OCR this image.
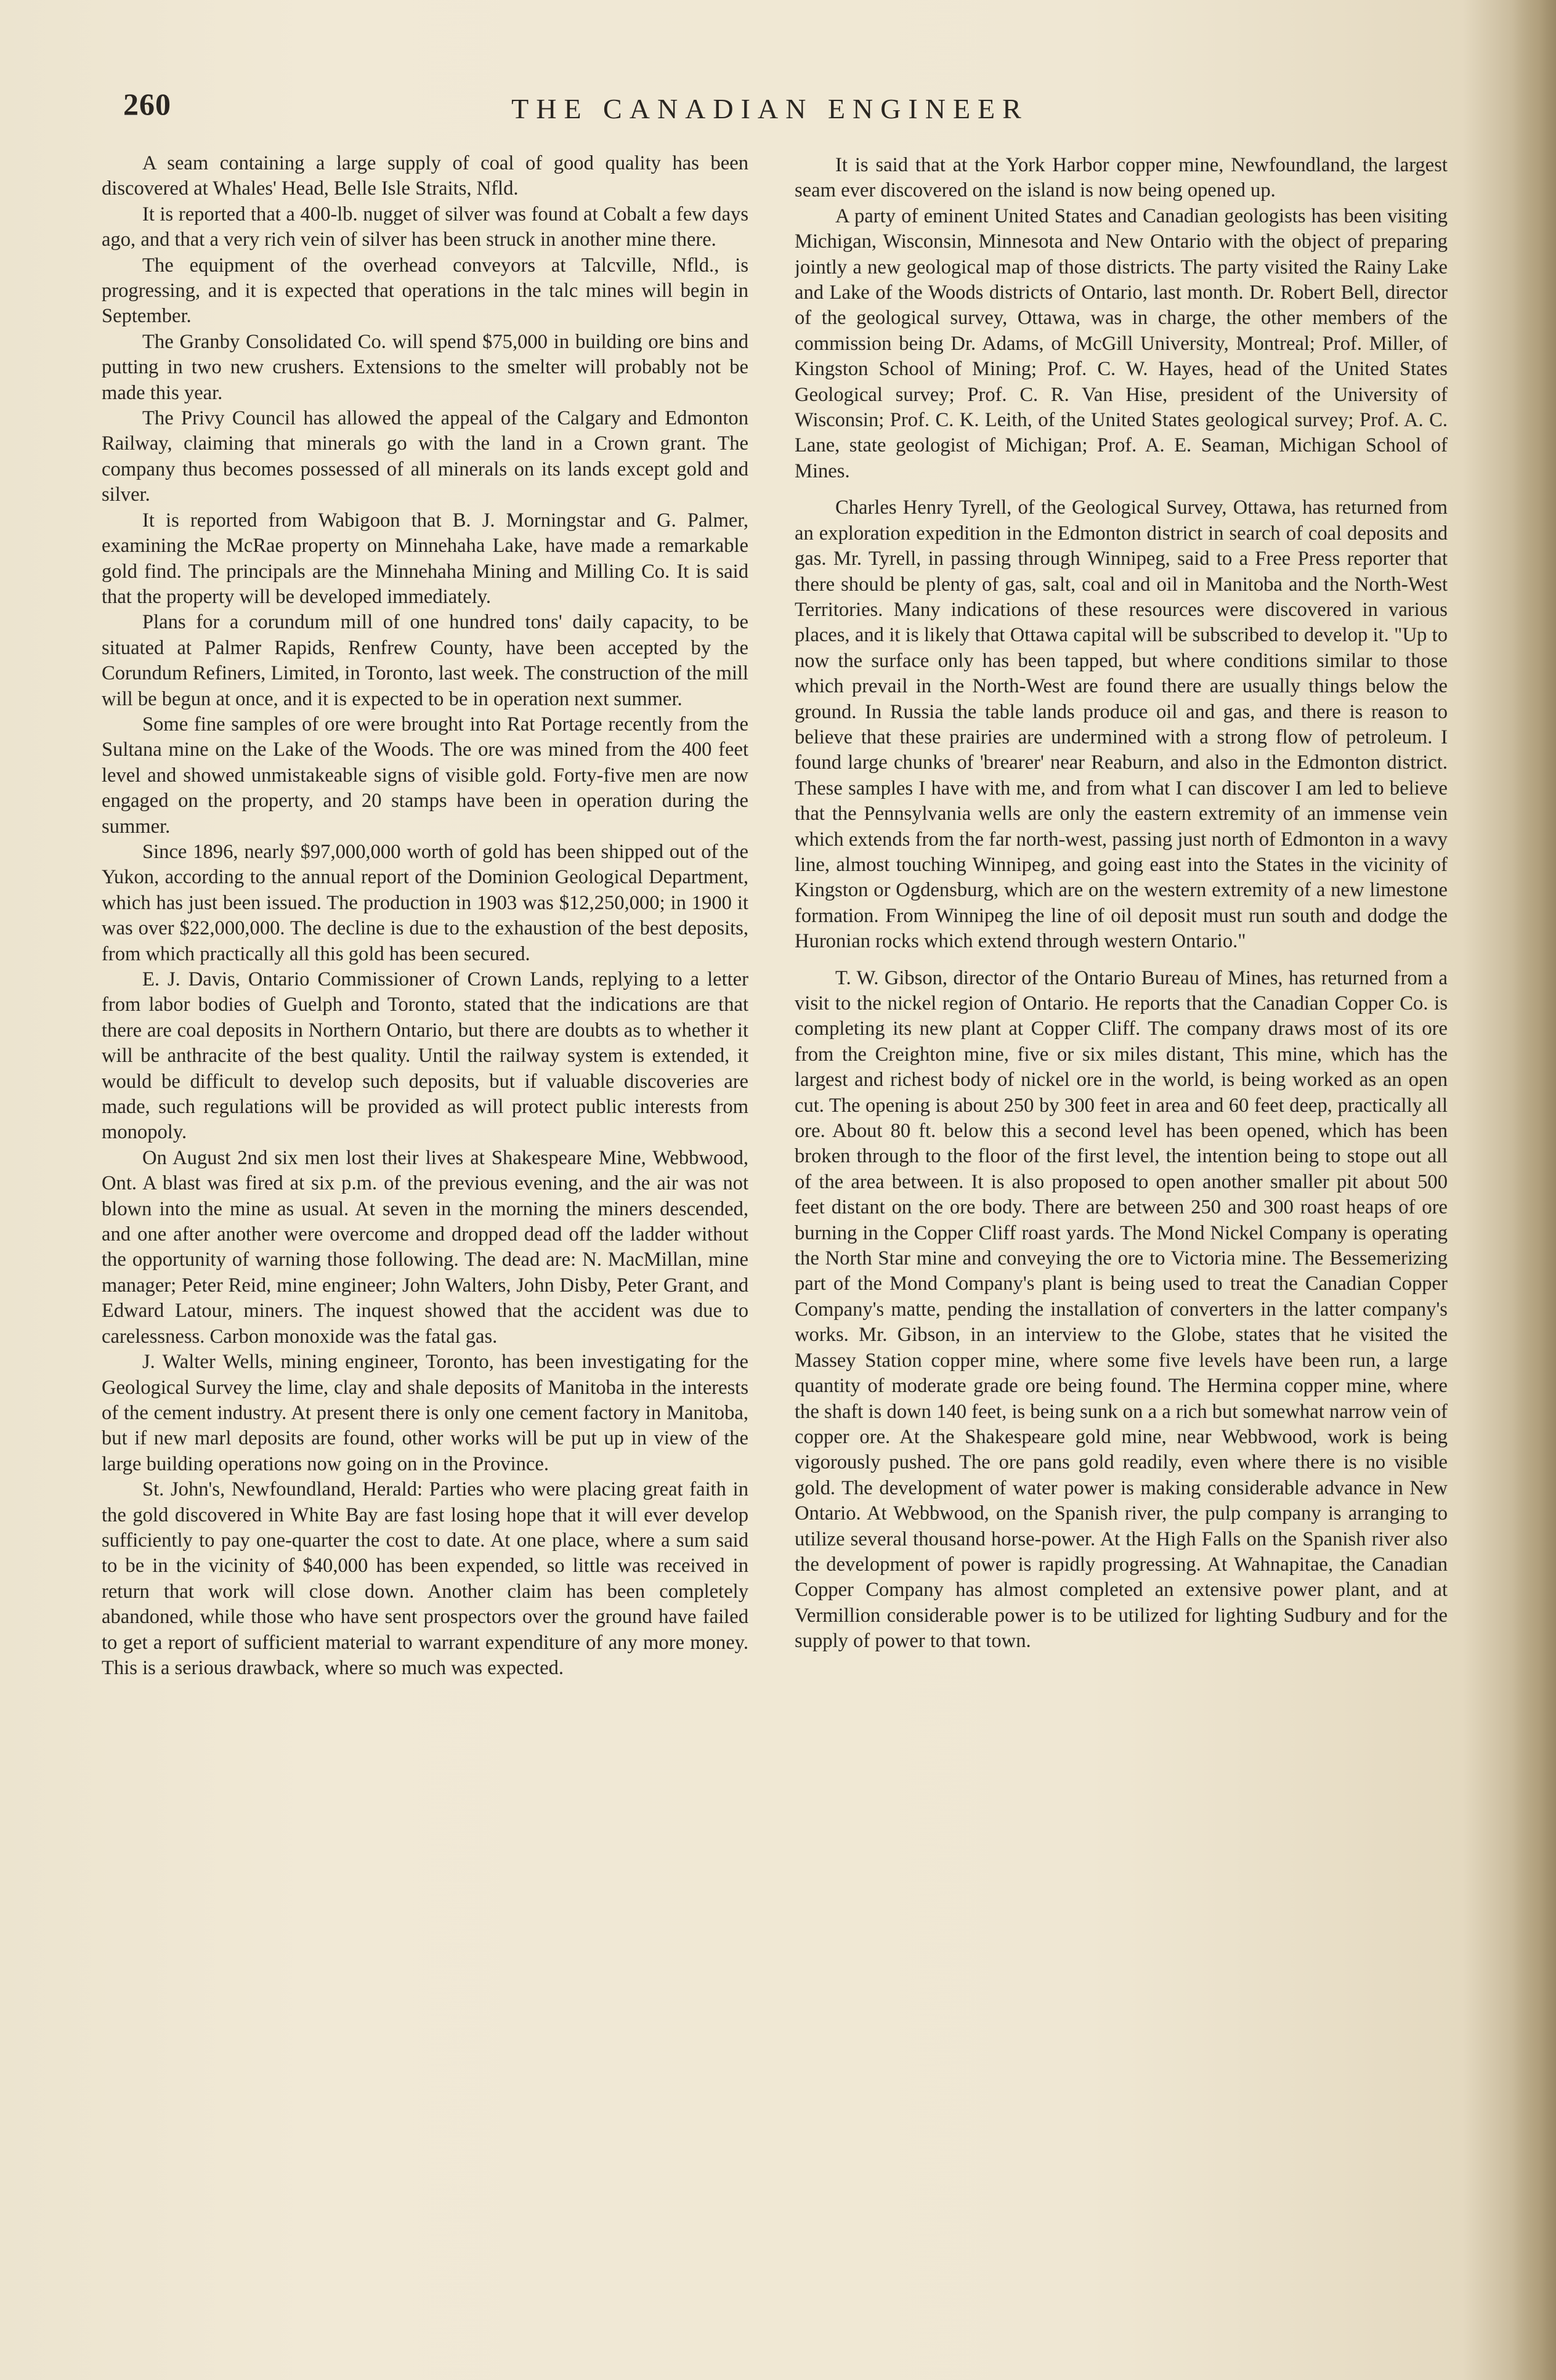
260	THE CANADIAN ENGINEER

A seam containing a large supply of coal of good quality has been discovered at Whales' Head, Belle Isle Straits, Nfld.

It is reported that a 400-lb. nugget of silver was found at Cobalt a few days ago, and that a very rich vein of silver has been struck in another mine there.

The equipment of the overhead conveyors at Talcville, Nfld., is progressing, and it is expected that operations in the talc mines will begin in September.

The Granby Consolidated Co. will spend $75,000 in building ore bins and putting in two new crushers. Extensions to the smelter will probably not be made this year.

The Privy Council has allowed the appeal of the Calgary and Edmonton Railway, claiming that minerals go with the land in a Crown grant. The company thus becomes possessed of all minerals on its lands except gold and silver.

It is reported from Wabigoon that B. J. Morningstar and G. Palmer, examining the McRae property on Minnehaha Lake, have made a remarkable gold find. The principals are the Minnehaha Mining and Milling Co. It is said that the property will be developed immediately.

Plans for a corundum mill of one hundred tons' daily capacity, to be situated at Palmer Rapids, Renfrew County, have been accepted by the Corundum Refiners, Limited, in Toronto, last week. The construction of the mill will be begun at once, and it is expected to be in operation next summer.

Some fine samples of ore were brought into Rat Portage recently from the Sultana mine on the Lake of the Woods. The ore was mined from the 400 feet level and showed unmistakeable signs of visible gold. Forty-five men are now engaged on the property, and 20 stamps have been in operation during the summer.

Since 1896, nearly $97,000,000 worth of gold has been shipped out of the Yukon, according to the annual report of the Dominion Geological Department, which has just been issued. The production in 1903 was $12,250,000; in 1900 it was over $22,000,000. The decline is due to the exhaustion of the best deposits, from which practically all this gold has been secured.

E. J. Davis, Ontario Commissioner of Crown Lands, replying to a letter from labor bodies of Guelph and Toronto, stated that the indications are that there are coal deposits in Northern Ontario, but there are doubts as to whether it will be anthracite of the best quality. Until the railway system is extended, it would be difficult to develop such deposits, but if valuable discoveries are made, such regulations will be provided as will protect public interests from monopoly.

On August 2nd six men lost their lives at Shakespeare Mine, Webbwood, Ont. A blast was fired at six p.m. of the previous evening, and the air was not blown into the mine as usual. At seven in the morning the miners descended, and one after another were overcome and dropped dead off the ladder without the opportunity of warning those following. The dead are: N. MacMillan, mine manager; Peter Reid, mine engineer; John Walters, John Disby, Peter Grant, and Edward Latour, miners. The inquest showed that the accident was due to carelessness. Carbon monoxide was the fatal gas.

J. Walter Wells, mining engineer, Toronto, has been investigating for the Geological Survey the lime, clay and shale deposits of Manitoba in the interests of the cement industry. At present there is only one cement factory in Manitoba, but if new marl deposits are found, other works will be put up in view of the large building operations now going on in the Province.

St. John's, Newfoundland, Herald: Parties who were placing great faith in the gold discovered in White Bay are fast losing hope that it will ever develop sufficiently to pay one-quarter the cost to date. At one place, where a sum said to be in the vicinity of $40,000 has been expended, so little was received in return that work will close down. Another claim has been completely abandoned, while those who have sent prospectors over the ground have failed to get a report of sufficient material to warrant expenditure of any more money. This is a serious drawback, where so much was expected.

It is said that at the York Harbor copper mine, Newfoundland, the largest seam ever discovered on the island is now being opened up.

A party of eminent United States and Canadian geologists has been visiting Michigan, Wisconsin, Minnesota and New Ontario with the object of preparing jointly a new geological map of those districts. The party visited the Rainy Lake and Lake of the Woods districts of Ontario, last month. Dr. Robert Bell, director of the geological survey, Ottawa, was in charge, the other members of the commission being Dr. Adams, of McGill University, Montreal; Prof. Miller, of Kingston School of Mining; Prof. C. W. Hayes, head of the United States Geological survey; Prof. C. R. Van Hise, president of the University of Wisconsin; Prof. C. K. Leith, of the United States geological survey; Prof. A. C. Lane, state geologist of Michigan; Prof. A. E. Seaman, Michigan School of Mines.

Charles Henry Tyrell, of the Geological Survey, Ottawa, has returned from an exploration expedition in the Edmonton district in search of coal deposits and gas. Mr. Tyrell, in passing through Winnipeg, said to a Free Press reporter that there should be plenty of gas, salt, coal and oil in Manitoba and the North-West Territories. Many indications of these resources were discovered in various places, and it is likely that Ottawa capital will be subscribed to develop it. "Up to now the surface only has been tapped, but where conditions similar to those which prevail in the North-West are found there are usually things below the ground. In Russia the table lands produce oil and gas, and there is reason to believe that these prairies are undermined with a strong flow of petroleum. I found large chunks of 'brearer' near Reaburn, and also in the Edmonton district. These samples I have with me, and from what I can discover I am led to believe that the Pennsylvania wells are only the eastern extremity of an immense vein which extends from the far north-west, passing just north of Edmonton in a wavy line, almost touching Winnipeg, and going east into the States in the vicinity of Kingston or Ogdensburg, which are on the western extremity of a new limestone formation. From Winnipeg the line of oil deposit must run south and dodge the Huronian rocks which extend through western Ontario."

T. W. Gibson, director of the Ontario Bureau of Mines, has returned from a visit to the nickel region of Ontario. He reports that the Canadian Copper Co. is completing its new plant at Copper Cliff. The company draws most of its ore from the Creighton mine, five or six miles distant, This mine, which has the largest and richest body of nickel ore in the world, is being worked as an open cut. The opening is about 250 by 300 feet in area and 60 feet deep, practically all ore. About 80 ft. below this a second level has been opened, which has been broken through to the floor of the first level, the intention being to stope out all of the area between. It is also proposed to open another smaller pit about 500 feet distant on the ore body. There are between 250 and 300 roast heaps of ore burning in the Copper Cliff roast yards. The Mond Nickel Company is operating the North Star mine and conveying the ore to Victoria mine. The Bessemerizing part of the Mond Company's plant is being used to treat the Canadian Copper Company's matte, pending the installation of converters in the latter company's works. Mr. Gibson, in an interview to the Globe, states that he visited the Massey Station copper mine, where some five levels have been run, a large quantity of moderate grade ore being found. The Hermina copper mine, where the shaft is down 140 feet, is being sunk on a a rich but somewhat narrow vein of copper ore. At the Shakespeare gold mine, near Webbwood, work is being vigorously pushed. The ore pans gold readily, even where there is no visible gold. The development of water power is making considerable advance in New Ontario. At Webbwood, on the Spanish river, the pulp company is arranging to utilize several thousand horse-power. At the High Falls on the Spanish river also the development of power is rapidly progressing. At Wahnapitae, the Canadian Copper Company has almost completed an extensive power plant, and at Vermillion considerable power is to be utilized for lighting Sudbury and for the supply of power to that town.
